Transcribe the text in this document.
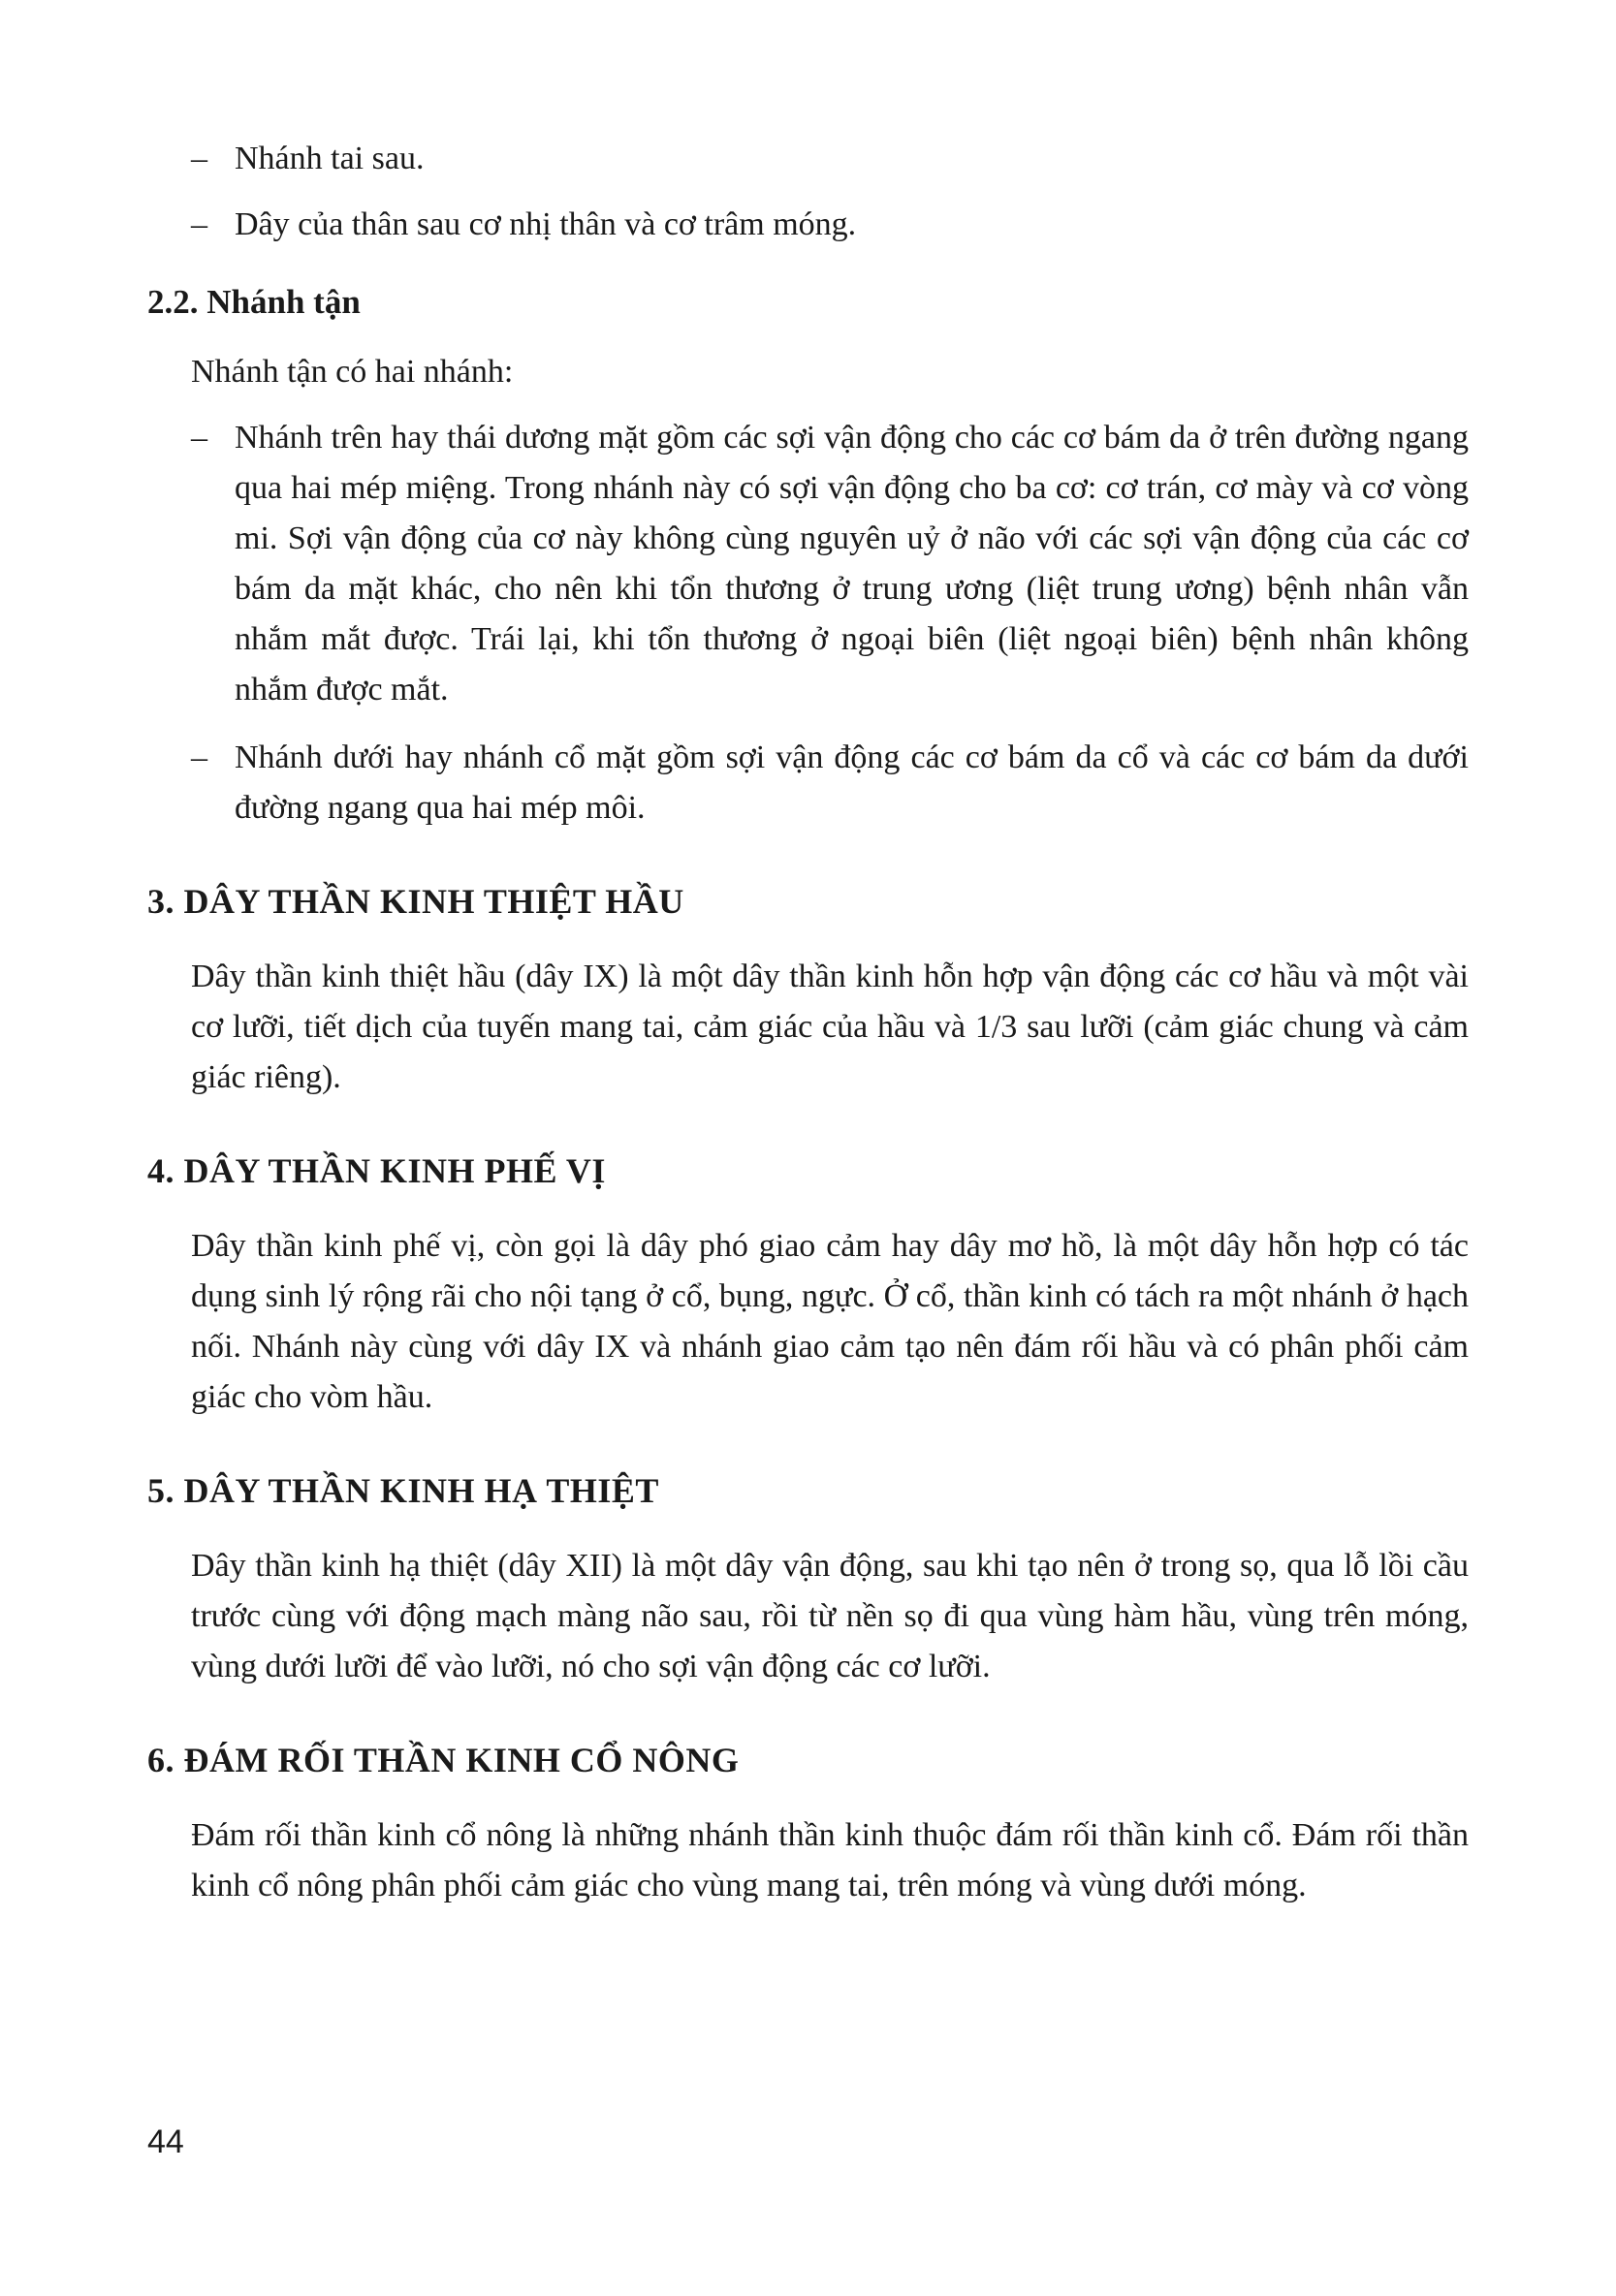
– Nhánh tai sau.
– Dây của thân sau cơ nhị thân và cơ trâm móng.
2.2. Nhánh tận
Nhánh tận có hai nhánh:
– Nhánh trên hay thái dương mặt gồm các sợi vận động cho các cơ bám da ở trên đường ngang qua hai mép miệng. Trong nhánh này có sợi vận động cho ba cơ: cơ trán, cơ mày và cơ vòng mi. Sợi vận động của cơ này không cùng nguyên uỷ ở não với các sợi vận động của các cơ bám da mặt khác, cho nên khi tổn thương ở trung ương (liệt trung ương) bệnh nhân vẫn nhắm mắt được. Trái lại, khi tổn thương ở ngoại biên (liệt ngoại biên) bệnh nhân không nhắm được mắt.
– Nhánh dưới hay nhánh cổ mặt gồm sợi vận động các cơ bám da cổ và các cơ bám da dưới đường ngang qua hai mép môi.
3. DÂY THẦN KINH THIỆT HẦU
Dây thần kinh thiệt hầu (dây IX) là một dây thần kinh hỗn hợp vận động các cơ hầu và một vài cơ lưỡi, tiết dịch của tuyến mang tai, cảm giác của hầu và 1/3 sau lưỡi (cảm giác chung và cảm giác riêng).
4. DÂY THẦN KINH PHẾ VỊ
Dây thần kinh phế vị, còn gọi là dây phó giao cảm hay dây mơ hồ, là một dây hỗn hợp có tác dụng sinh lý rộng rãi cho nội tạng ở cổ, bụng, ngực. Ở cổ, thần kinh có tách ra một nhánh ở hạch nối. Nhánh này cùng với dây IX và nhánh giao cảm tạo nên đám rối hầu và có phân phối cảm giác cho vòm hầu.
5. DÂY THẦN KINH HẠ THIỆT
Dây thần kinh hạ thiệt (dây XII) là một dây vận động, sau khi tạo nên ở trong sọ, qua lỗ lồi cầu trước cùng với động mạch màng não sau, rồi từ nền sọ đi qua vùng hàm hầu, vùng trên móng, vùng dưới lưỡi để vào lưỡi, nó cho sợi vận động các cơ lưỡi.
6. ĐÁM RỐI THẦN KINH CỔ NÔNG
Đám rối thần kinh cổ nông là những nhánh thần kinh thuộc đám rối thần kinh cổ. Đám rối thần kinh cổ nông phân phối cảm giác cho vùng mang tai, trên móng và vùng dưới móng.
44
